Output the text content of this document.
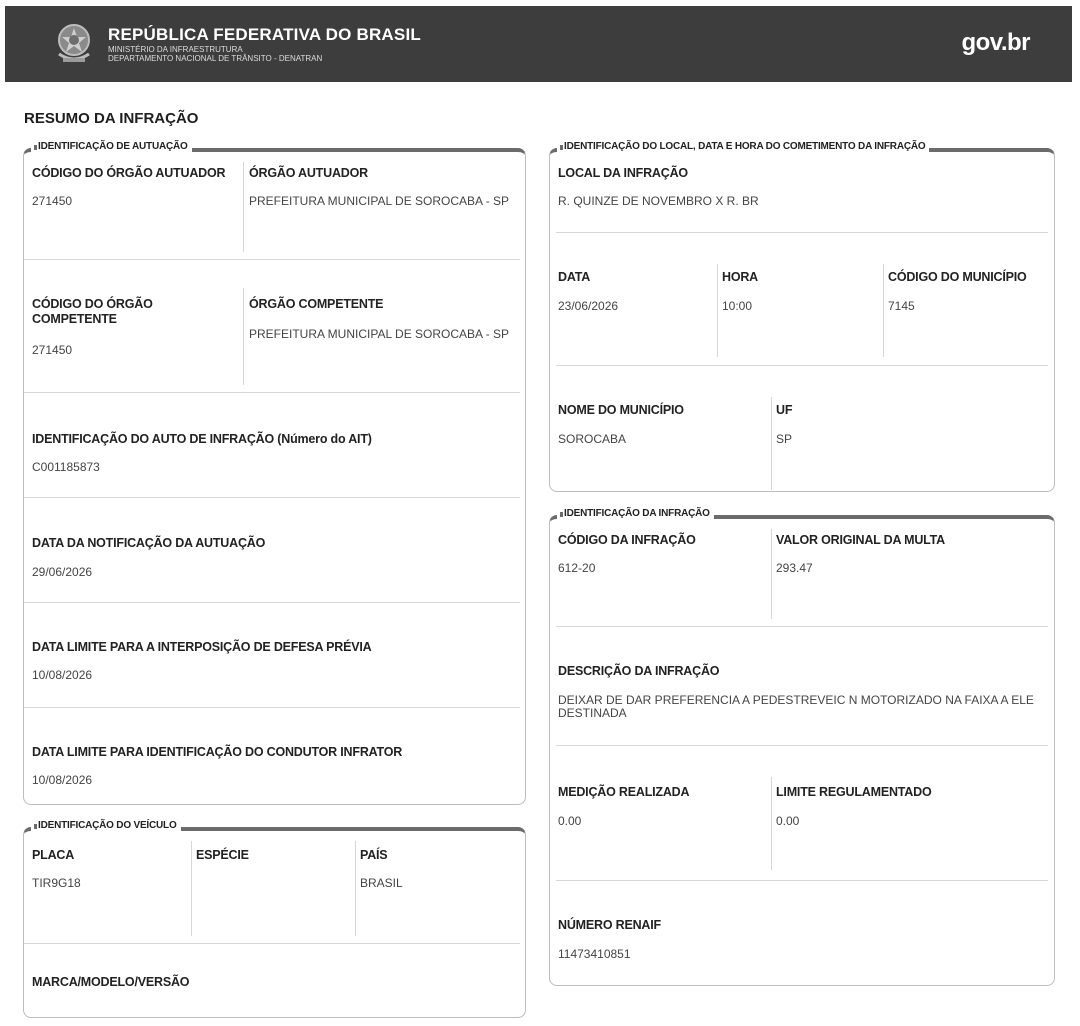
REPÚBLICA FEDERATIVA DO BRASIL
MINISTÉRIO DA INFRAESTRUTURA
DEPARTAMENTO NACIONAL DE TRÂNSITO - DENATRAN
gov.br
RESUMO DA INFRAÇÃO
IDENTIFICAÇÃO DE AUTUAÇÃO
CÓDIGO DO ÓRGÃO AUTUADOR
271450
ÓRGÃO AUTUADOR
PREFEITURA MUNICIPAL DE SOROCABA - SP
CÓDIGO DO ÓRGÃO COMPETENTE
271450
ÓRGÃO COMPETENTE
PREFEITURA MUNICIPAL DE SOROCABA - SP
IDENTIFICAÇÃO DO AUTO DE INFRAÇÃO (Número do AIT)
C001185873
DATA DA NOTIFICAÇÃO DA AUTUAÇÃO
29/06/2026
DATA LIMITE PARA A INTERPOSIÇÃO DE DEFESA PRÉVIA
10/08/2026
DATA LIMITE PARA IDENTIFICAÇÃO DO CONDUTOR INFRATOR
10/08/2026
IDENTIFICAÇÃO DO VEÍCULO
PLACA
TIR9G18
ESPÉCIE	PAÍS
BRASIL
MARCA/MODELO/VERSÃO
IDENTIFICAÇÃO DO LOCAL, DATA E HORA DO COMETIMENTO DA INFRAÇÃO
LOCAL DA INFRAÇÃO
R. QUINZE DE NOVEMBRO X R. BR
DATA
23/06/2026
HORA
10:00
CÓDIGO DO MUNICÍPIO
7145
NOME DO MUNICÍPIO
SOROCABA
UF
SP
IDENTIFICAÇÃO DA INFRAÇÃO
CÓDIGO DA INFRAÇÃO
612-20
VALOR ORIGINAL DA MULTA
293.47
DESCRIÇÃO DA INFRAÇÃO
DEIXAR DE DAR PREFERENCIA A PEDESTREVEIC N MOTORIZADO NA FAIXA A ELE DESTINADA
MEDIÇÃO REALIZADA
0.00
LIMITE REGULAMENTADO
0.00
NÚMERO RENAIF
11473410851
